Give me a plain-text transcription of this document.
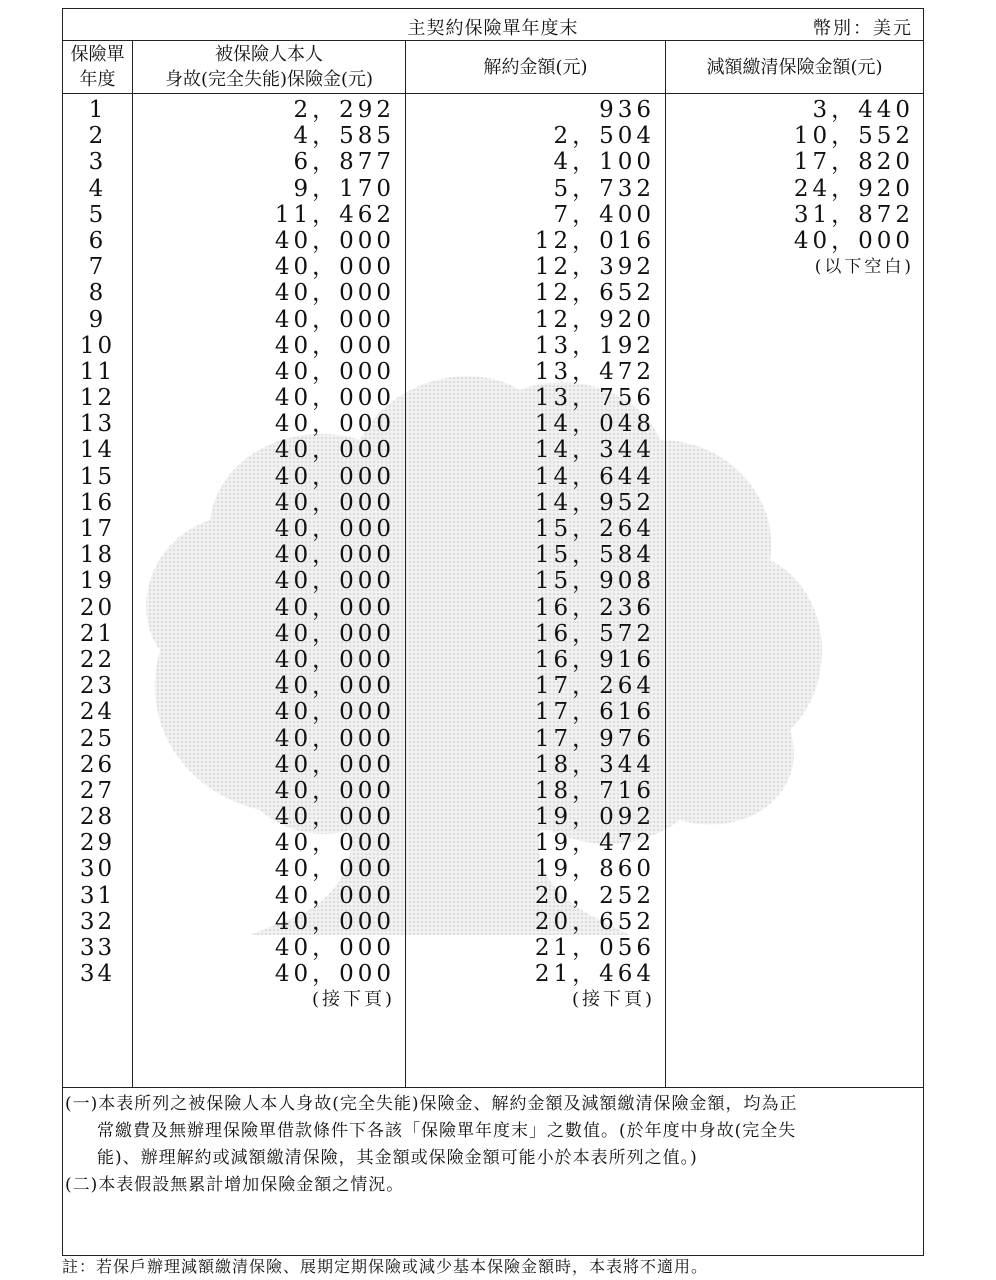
主契約保險單年度末	幣別：美元
保險單
年度
被保險人本人
身故(完全失能)保險金(元)
解約金額(元)	減額繳清保險金額(元)
1
2
3
4
5
6
7
8
9
10
11
12
13
14
15
16
17
18
19
20
21
22
23
24
25
26
27
28
29
30
31
32
33
34
2，292
4，585
6，877
9，170
11，462
40，000
40，000
40，000
40，000
40，000
40，000
40，000
40，000
40，000
40，000
40，000
40，000
40，000
40，000
40，000
40，000
40，000
40，000
40，000
40，000
40，000
40，000
40，000
40，000
40，000
40，000
40，000
40，000
40，000
(接下頁)
936
2，504
4，100
5，732
7，400
12，016
12，392
12，652
12，920
13，192
13，472
13，756
14，048
14，344
14，644
14，952
15，264
15，584
15，908
16，236
16，572
16，916
17，264
17，616
17，976
18，344
18，716
19，092
19，472
19，860
20，252
20，652
21，056
21，464
(接下頁)
3，440
10，552
17，820
24，920
31，872
40，000
(以下空白)
(一)本表所列之被保險人本人身故(完全失能)保險金、解約金額及減額繳清保險金額，均為正
常繳費及無辦理保險單借款條件下各該「保險單年度末」之數值。(於年度中身故(完全失
能)、辦理解約或減額繳清保險，其金額或保險金額可能小於本表所列之值。)
(二)本表假設無累計增加保險金額之情況。
註：若保戶辦理減額繳清保險、展期定期保險或減少基本保險金額時，本表將不適用。
